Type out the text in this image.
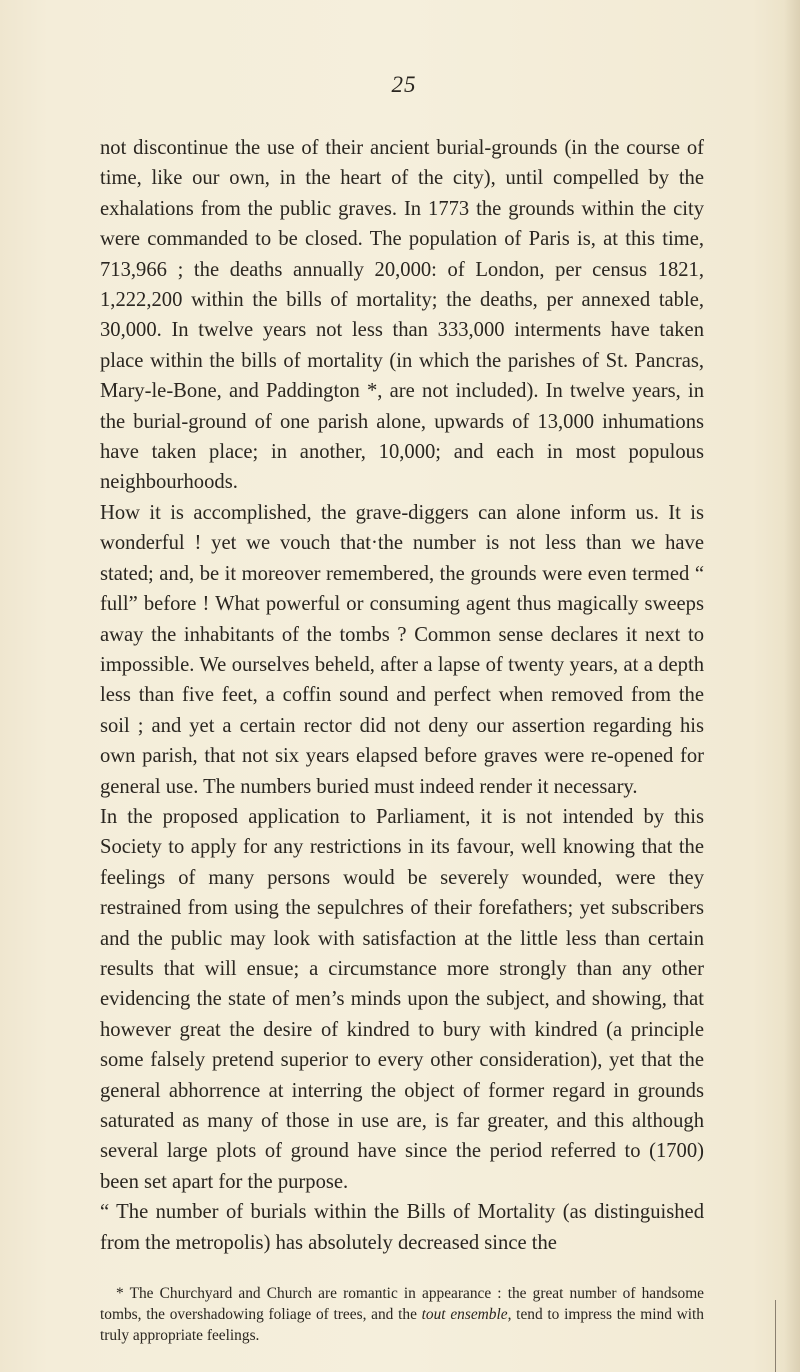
25

not discontinue the use of their ancient burial-grounds (in the course of time, like our own, in the heart of the city), until compelled by the exhalations from the public graves. In 1773 the grounds within the city were commanded to be closed. The population of Paris is, at this time, 713,966 ; the deaths annually 20,000: of London, per census 1821, 1,222,200 within the bills of mortality; the deaths, per annexed table, 30,000. In twelve years not less than 333,000 interments have taken place within the bills of mortality (in which the parishes of St. Pancras, Mary-le-Bone, and Paddington *, are not included). In twelve years, in the burial-ground of one parish alone, upwards of 13,000 inhumations have taken place; in another, 10,000; and each in most populous neighbourhoods.

How it is accomplished, the grave-diggers can alone inform us. It is wonderful ! yet we vouch that·the number is not less than we have stated; and, be it moreover remembered, the grounds were even termed “ full” before ! What powerful or consuming agent thus magically sweeps away the inhabitants of the tombs ? Common sense declares it next to impossible. We ourselves beheld, after a lapse of twenty years, at a depth less than five feet, a coffin sound and perfect when removed from the soil ; and yet a certain rector did not deny our assertion regarding his own parish, that not six years elapsed before graves were re-opened for general use. The numbers buried must indeed render it necessary.

In the proposed application to Parliament, it is not intended by this Society to apply for any restrictions in its favour, well knowing that the feelings of many persons would be severely wounded, were they restrained from using the sepulchres of their forefathers; yet subscribers and the public may look with satisfaction at the little less than certain results that will ensue; a circumstance more strongly than any other evidencing the state of men’s minds upon the subject, and showing, that however great the desire of kindred to bury with kindred (a principle some falsely pretend superior to every other consideration), yet that the general abhorrence at interring the object of former regard in grounds saturated as many of those in use are, is far greater, and this although several large plots of ground have since the period referred to (1700) been set apart for the purpose.

“ The number of burials within the Bills of Mortality (as distinguished from the metropolis) has absolutely decreased since the

* The Churchyard and Church are romantic in appearance : the great number of handsome tombs, the overshadowing foliage of trees, and the tout ensemble, tend to impress the mind with truly appropriate feelings.
